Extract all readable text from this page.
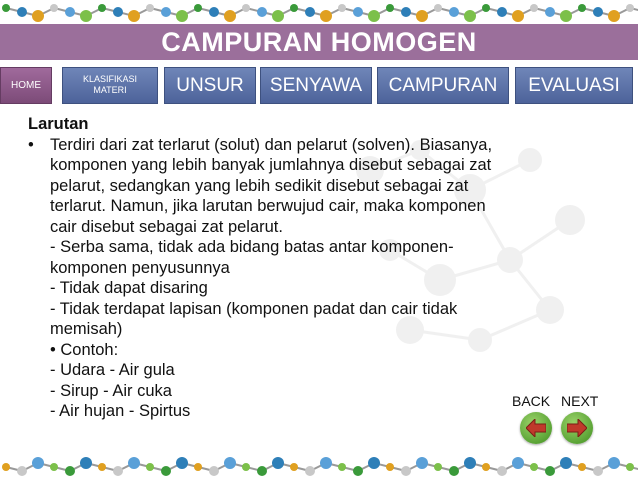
CAMPURAN HOMOGEN
HOME
KLASIFIKASI
MATERI	UNSUR	SENYAWA	CAMPURAN	EVALUASI
Larutan
• Terdiri dari zat terlarut (solut) dan pelarut (solven). Biasanya,
komponen yang lebih banyak jumlahnya disebut sebagai zat
pelarut, sedangkan yang lebih sedikit disebut sebagai zat
terlarut. Namun, jika larutan berwujud cair, maka komponen
cair disebut sebagai zat pelarut.
- Serba sama, tidak ada bidang batas antar komponen-
komponen penyusunnya
- Tidak dapat disaring
- Tidak terdapat lapisan (komponen padat dan cair tidak
memisah)
• Contoh:
- Udara - Air gula
- Sirup - Air cuka
- Air hujan - Spirtus
BACK NEXT
